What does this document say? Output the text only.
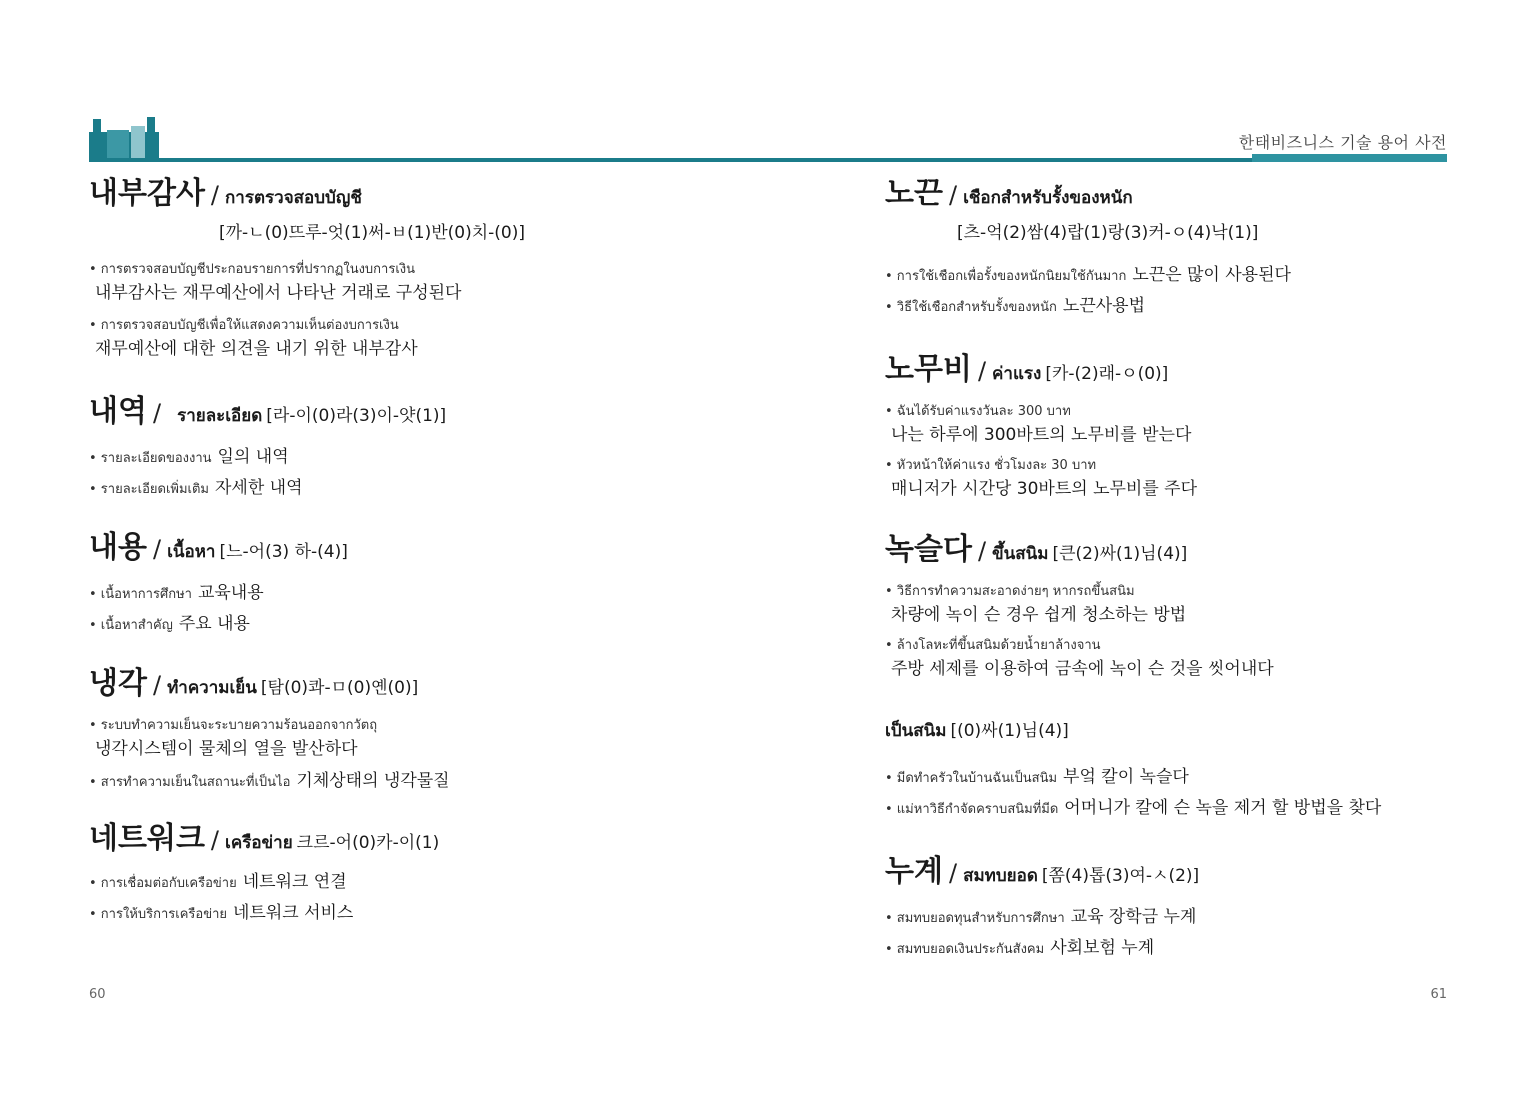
한태비즈니스 기술 용어 사전
내부감사 / การตรวจสอบบัญชี
[까-ㄴ(0)뜨루-엇(1)써-ㅂ(1)반(0)치-(0)]
• การตรวจสอบบัญชีประกอบรายการที่ปรากฏในงบการเงิน
내부감사는 재무예산에서 나타난 거래로 구성된다
• การตรวจสอบบัญชีเพื่อให้แสดงความเห็นต่องบการเงิน
재무예산에 대한 의견을 내기 위한 내부감사
내역 / รายละเอียด [라-이(0)라(3)이-얏(1)]
• รายละเอียดของงาน 일의 내역
• รายละเอียดเพิ่มเติม 자세한 내역
내용 / เนื้อหา [느-어(3) 하-(4)]
• เนื้อหาการศึกษา 교육내용
• เนื้อหาสำคัญ 주요 내용
냉각 / ทำความเย็น [탐(0)콰-ㅁ(0)옌(0)]
• ระบบทำความเย็นจะระบายความร้อนออกจากวัตถุ
냉각시스템이 물체의 열을 발산하다
• สารทำความเย็นในสถานะที่เป็นไอ 기체상태의 냉각물질
네트워크 / เครือข่าย 크르-어(0)카-이(1)
• การเชื่อมต่อกับเครือข่าย 네트워크 연결
• การให้บริการเครือข่าย 네트워크 서비스
노끈 / เชือกสำหรับรั้งของหนัก
[츠-억(2)쌈(4)랍(1)랑(3)커-ㅇ(4)낙(1)]
• การใช้เชือกเพื่อรั้งของหนักนิยมใช้กันมาก 노끈은 많이 사용된다
• วิธีใช้เชือกสำหรับรั้งของหนัก 노끈사용법
노무비 / ค่าแรง [카-(2)래-ㅇ(0)]
• ฉันได้รับค่าแรงวันละ 300 บาท
나는 하루에 300바트의 노무비를 받는다
• หัวหน้าให้ค่าแรง ชั่วโมงละ 30 บาท
매니저가 시간당 30바트의 노무비를 주다
녹슬다 / ขึ้นสนิม [큰(2)싸(1)님(4)]
• วิธีการทำความสะอาดง่ายๆ หากรถขึ้นสนิม
차량에 녹이 슨 경우 쉽게 청소하는 방법
• ล้างโลหะที่ขึ้นสนิมด้วยน้ำยาล้างจาน
주방 세제를 이용하여 금속에 녹이 슨 것을 씻어내다
เป็นสนิม [(0)싸(1)님(4)]
• มีดทำครัวในบ้านฉันเป็นสนิม 부엌 칼이 녹슬다
• แม่หาวิธีกำจัดคราบสนิมที่มีด 어머니가 칼에 슨 녹을 제거 할 방법을 찾다
누계 / สมทบยอด [쫌(4)톱(3)여-ㅅ(2)]
• สมทบยอดทุนสำหรับการศึกษา 교육 장학금 누계
• สมทบยอดเงินประกันสังคม 사회보험 누계
60	61
